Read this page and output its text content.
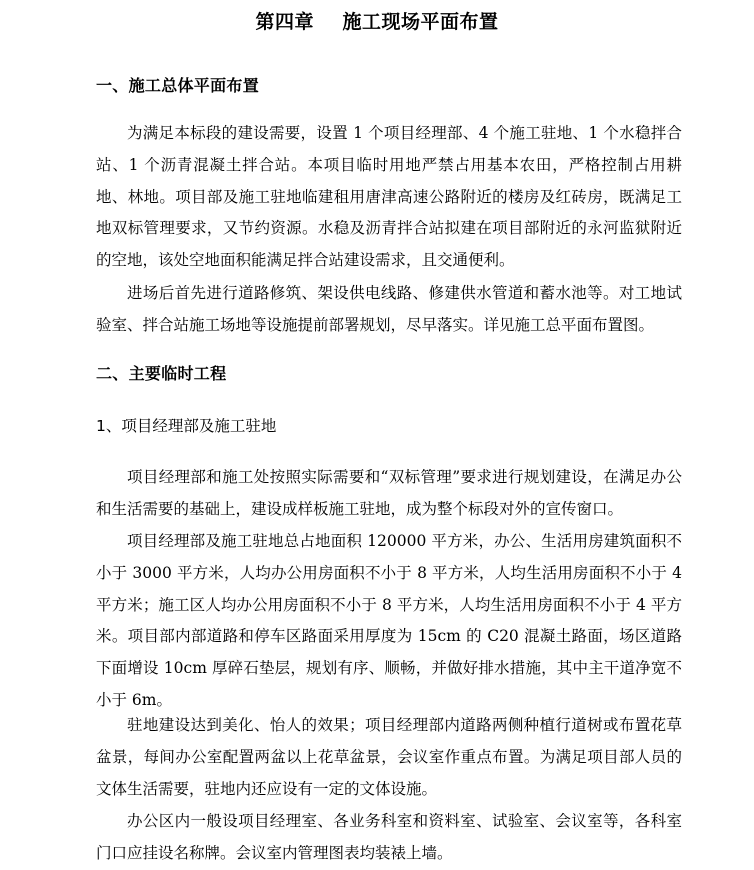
第四章    施工现场平面布置
一、施工总体平面布置

为满足本标段的建设需要，设置 1 个项目经理部、4 个施工驻地、1 个水稳拌合站、1 个沥青混凝土拌合站。本项目临时用地严禁占用基本农田，严格控制占用耕地、林地。项目部及施工驻地临建租用唐津高速公路附近的楼房及红砖房，既满足工地双标管理要求，又节约资源。水稳及沥青拌合站拟建在项目部附近的永河监狱附近的空地，该处空地面积能满足拌合站建设需求，且交通便利。

进场后首先进行道路修筑、架设供电线路、修建供水管道和蓄水池等。对工地试验室、拌合站施工场地等设施提前部署规划，尽早落实。详见施工总平面布置图。

二、主要临时工程
1、项目经理部及施工驻地

项目经理部和施工处按照实际需要和“双标管理”要求进行规划建设，在满足办公和生活需要的基础上，建设成样板施工驻地，成为整个标段对外的宣传窗口。

项目经理部及施工驻地总占地面积 120000 平方米，办公、生活用房建筑面积不小于 3000 平方米，人均办公用房面积不小于 8 平方米，人均生活用房面积不小于 4平方米；施工区人均办公用房面积不小于 8 平方米，人均生活用房面积不小于 4 平方米。项目部内部道路和停车区路面采用厚度为 15cm 的 C20 混凝土路面，场区道路下面增设 10cm 厚碎石垫层，规划有序、顺畅，并做好排水措施，其中主干道净宽不小于 6m。

驻地建设达到美化、怡人的效果；项目经理部内道路两侧种植行道树或布置花草盆景，每间办公室配置两盆以上花草盆景，会议室作重点布置。为满足项目部人员的文体生活需要，驻地内还应设有一定的文体设施。

办公区内一般设项目经理室、各业务科室和资料室、试验室、会议室等，各科室门口应挂设名称牌。会议室内管理图表均装裱上墙。
